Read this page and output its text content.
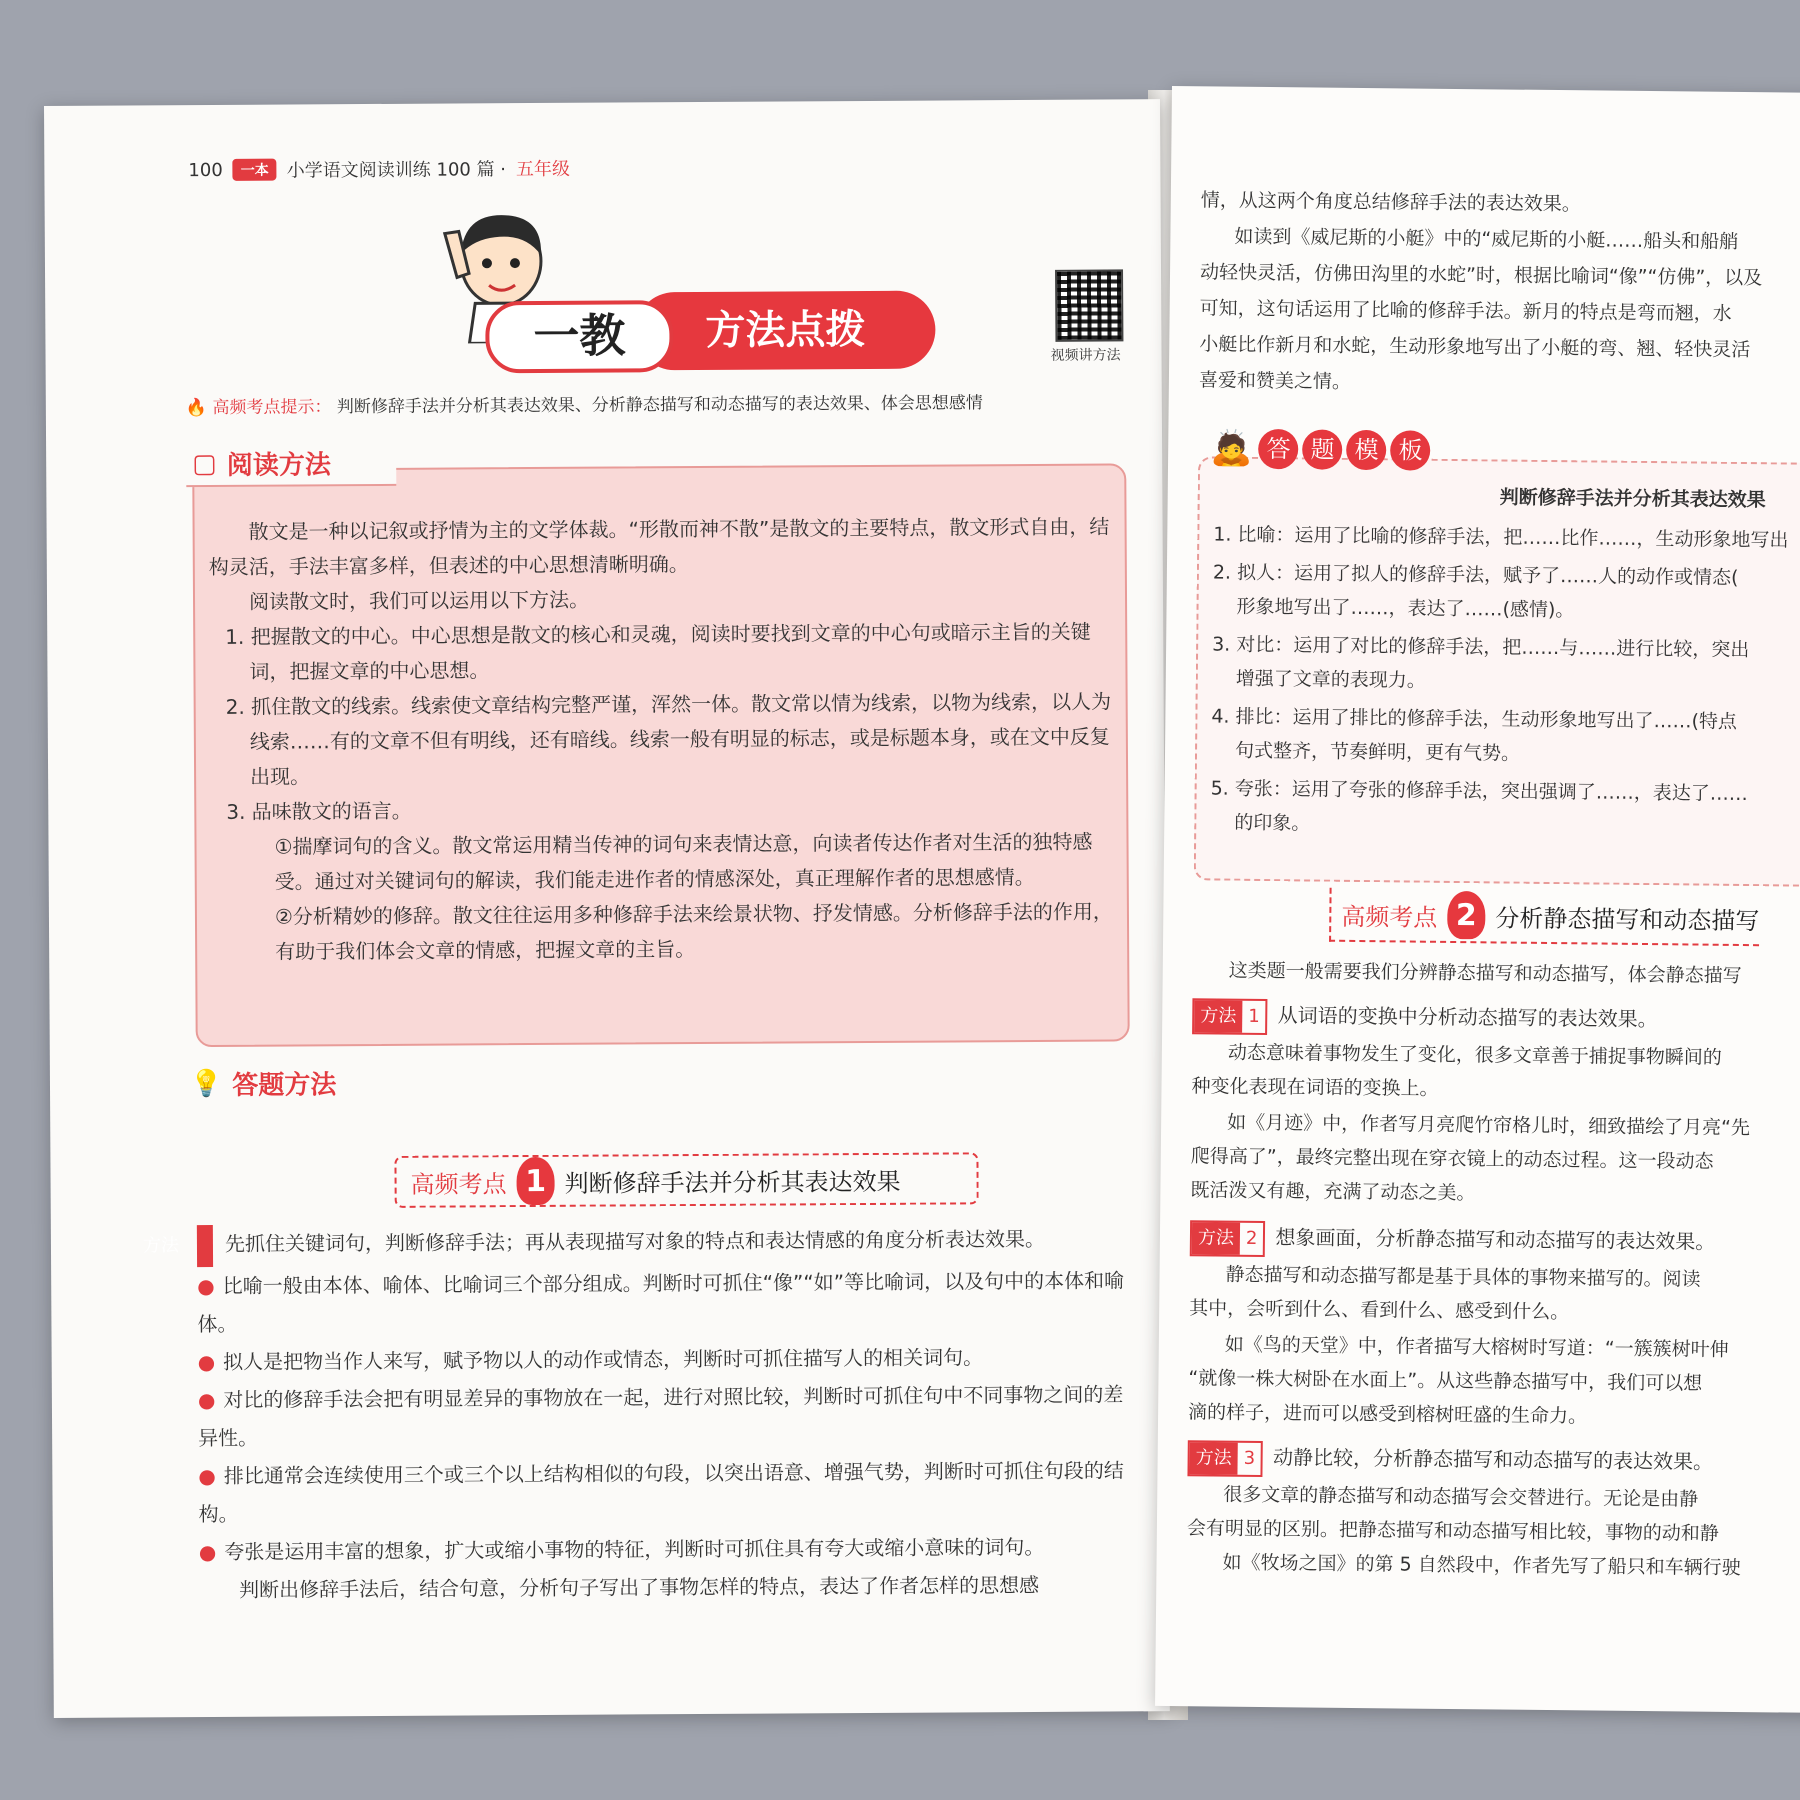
100	一本 小学语文阅读训练 100 篇 · 五年级
方法点拨
一教	视频讲方法
🔥 高频考点提示： 判断修辞手法并分析其表达效果、分析静态描写和动态描写的表达效果、体会思想感情

散文是一种以记叙或抒情为主的文学体裁。“形散而神不散”是散文的主要特点，散文形式自由，结构灵活，手法丰富多样，但表述的中心思想清晰明确。

阅读散文时，我们可以运用以下方法。

1. 把握散文的中心。中心思想是散文的核心和灵魂，阅读时要找到文章的中心句或暗示主旨的关键词，把握文章的中心思想。

2. 抓住散文的线索。线索使文章结构完整严谨，浑然一体。散文常以情为线索，以物为线索，以人为线索……有的文章不但有明线，还有暗线。线索一般有明显的标志，或是标题本身，或在文中反复出现。

3. 品味散文的语言。

①揣摩词句的含义。散文常运用精当传神的词句来表情达意，向读者传达作者对生活的独特感受。通过对关键词句的解读，我们能走进作者的情感深处，真正理解作者的思想感情。

②分析精妙的修辞。散文往往运用多种修辞手法来绘景状物、抒发情感。分析修辞手法的作用，有助于我们体会文章的情感，把握文章的主旨。

▢ 阅读方法
💡 答题方法
高频考点 1 判断修辞手法并分析其表达效果
方法 先抓住关键词句，判断修辞手法；再从表现描写对象的特点和表达情感的角度分析表达效果。
● 比喻一般由本体、喻体、比喻词三个部分组成。判断时可抓住“像”“如”等比喻词，以及句中的本体和喻体。
● 拟人是把物当作人来写，赋予物以人的动作或情态，判断时可抓住描写人的相关词句。
● 对比的修辞手法会把有明显差异的事物放在一起，进行对照比较，判断时可抓住句中不同事物之间的差异性。
● 排比通常会连续使用三个或三个以上结构相似的句段，以突出语意、增强气势，判断时可抓住句段的结构。
● 夸张是运用丰富的想象，扩大或缩小事物的特征，判断时可抓住具有夸大或缩小意味的词句。
判断出修辞手法后，结合句意，分析句子写出了事物怎样的特点，表达了作者怎样的思想感
情，从这两个角度总结修辞手法的表达效果。
如读到《威尼斯的小艇》中的“威尼斯的小艇……船头和船艄
动轻快灵活，仿佛田沟里的水蛇”时，根据比喻词“像”“仿佛”，以及
可知，这句话运用了比喻的修辞手法。新月的特点是弯而翘，水
小艇比作新月和水蛇，生动形象地写出了小艇的弯、翘、轻快灵活
喜爱和赞美之情。
🙇 答 题 模 板
判断修辞手法并分析其表达效果
1. 比喻：运用了比喻的修辞手法，把……比作……，生动形象地写出
2. 拟人：运用了拟人的修辞手法，赋予了……人的动作或情态(
形象地写出了……，表达了……(感情)。
3. 对比：运用了对比的修辞手法，把……与……进行比较，突出
增强了文章的表现力。
4. 排比：运用了排比的修辞手法，生动形象地写出了……(特点
句式整齐，节奏鲜明，更有气势。
5. 夸张：运用了夸张的修辞手法，突出强调了……，表达了……
的印象。
高频考点 2 分析静态描写和动态描写
这类题一般需要我们分辨静态描写和动态描写，体会静态描写
方法 1 从词语的变换中分析动态描写的表达效果。
动态意味着事物发生了变化，很多文章善于捕捉事物瞬间的
种变化表现在词语的变换上。
如《月迹》中，作者写月亮爬竹帘格儿时，细致描绘了月亮“先
爬得高了”，最终完整出现在穿衣镜上的动态过程。这一段动态
既活泼又有趣，充满了动态之美。
方法 2 想象画面，分析静态描写和动态描写的表达效果。
静态描写和动态描写都是基于具体的事物来描写的。阅读
其中，会听到什么、看到什么、感受到什么。
如《鸟的天堂》中，作者描写大榕树时写道：“一簇簇树叶伸
“就像一株大树卧在水面上”。从这些静态描写中，我们可以想
滴的样子，进而可以感受到榕树旺盛的生命力。
方法 3 动静比较，分析静态描写和动态描写的表达效果。
很多文章的静态描写和动态描写会交替进行。无论是由静
会有明显的区别。把静态描写和动态描写相比较，事物的动和静
如《牧场之国》的第 5 自然段中，作者先写了船只和车辆行驶
